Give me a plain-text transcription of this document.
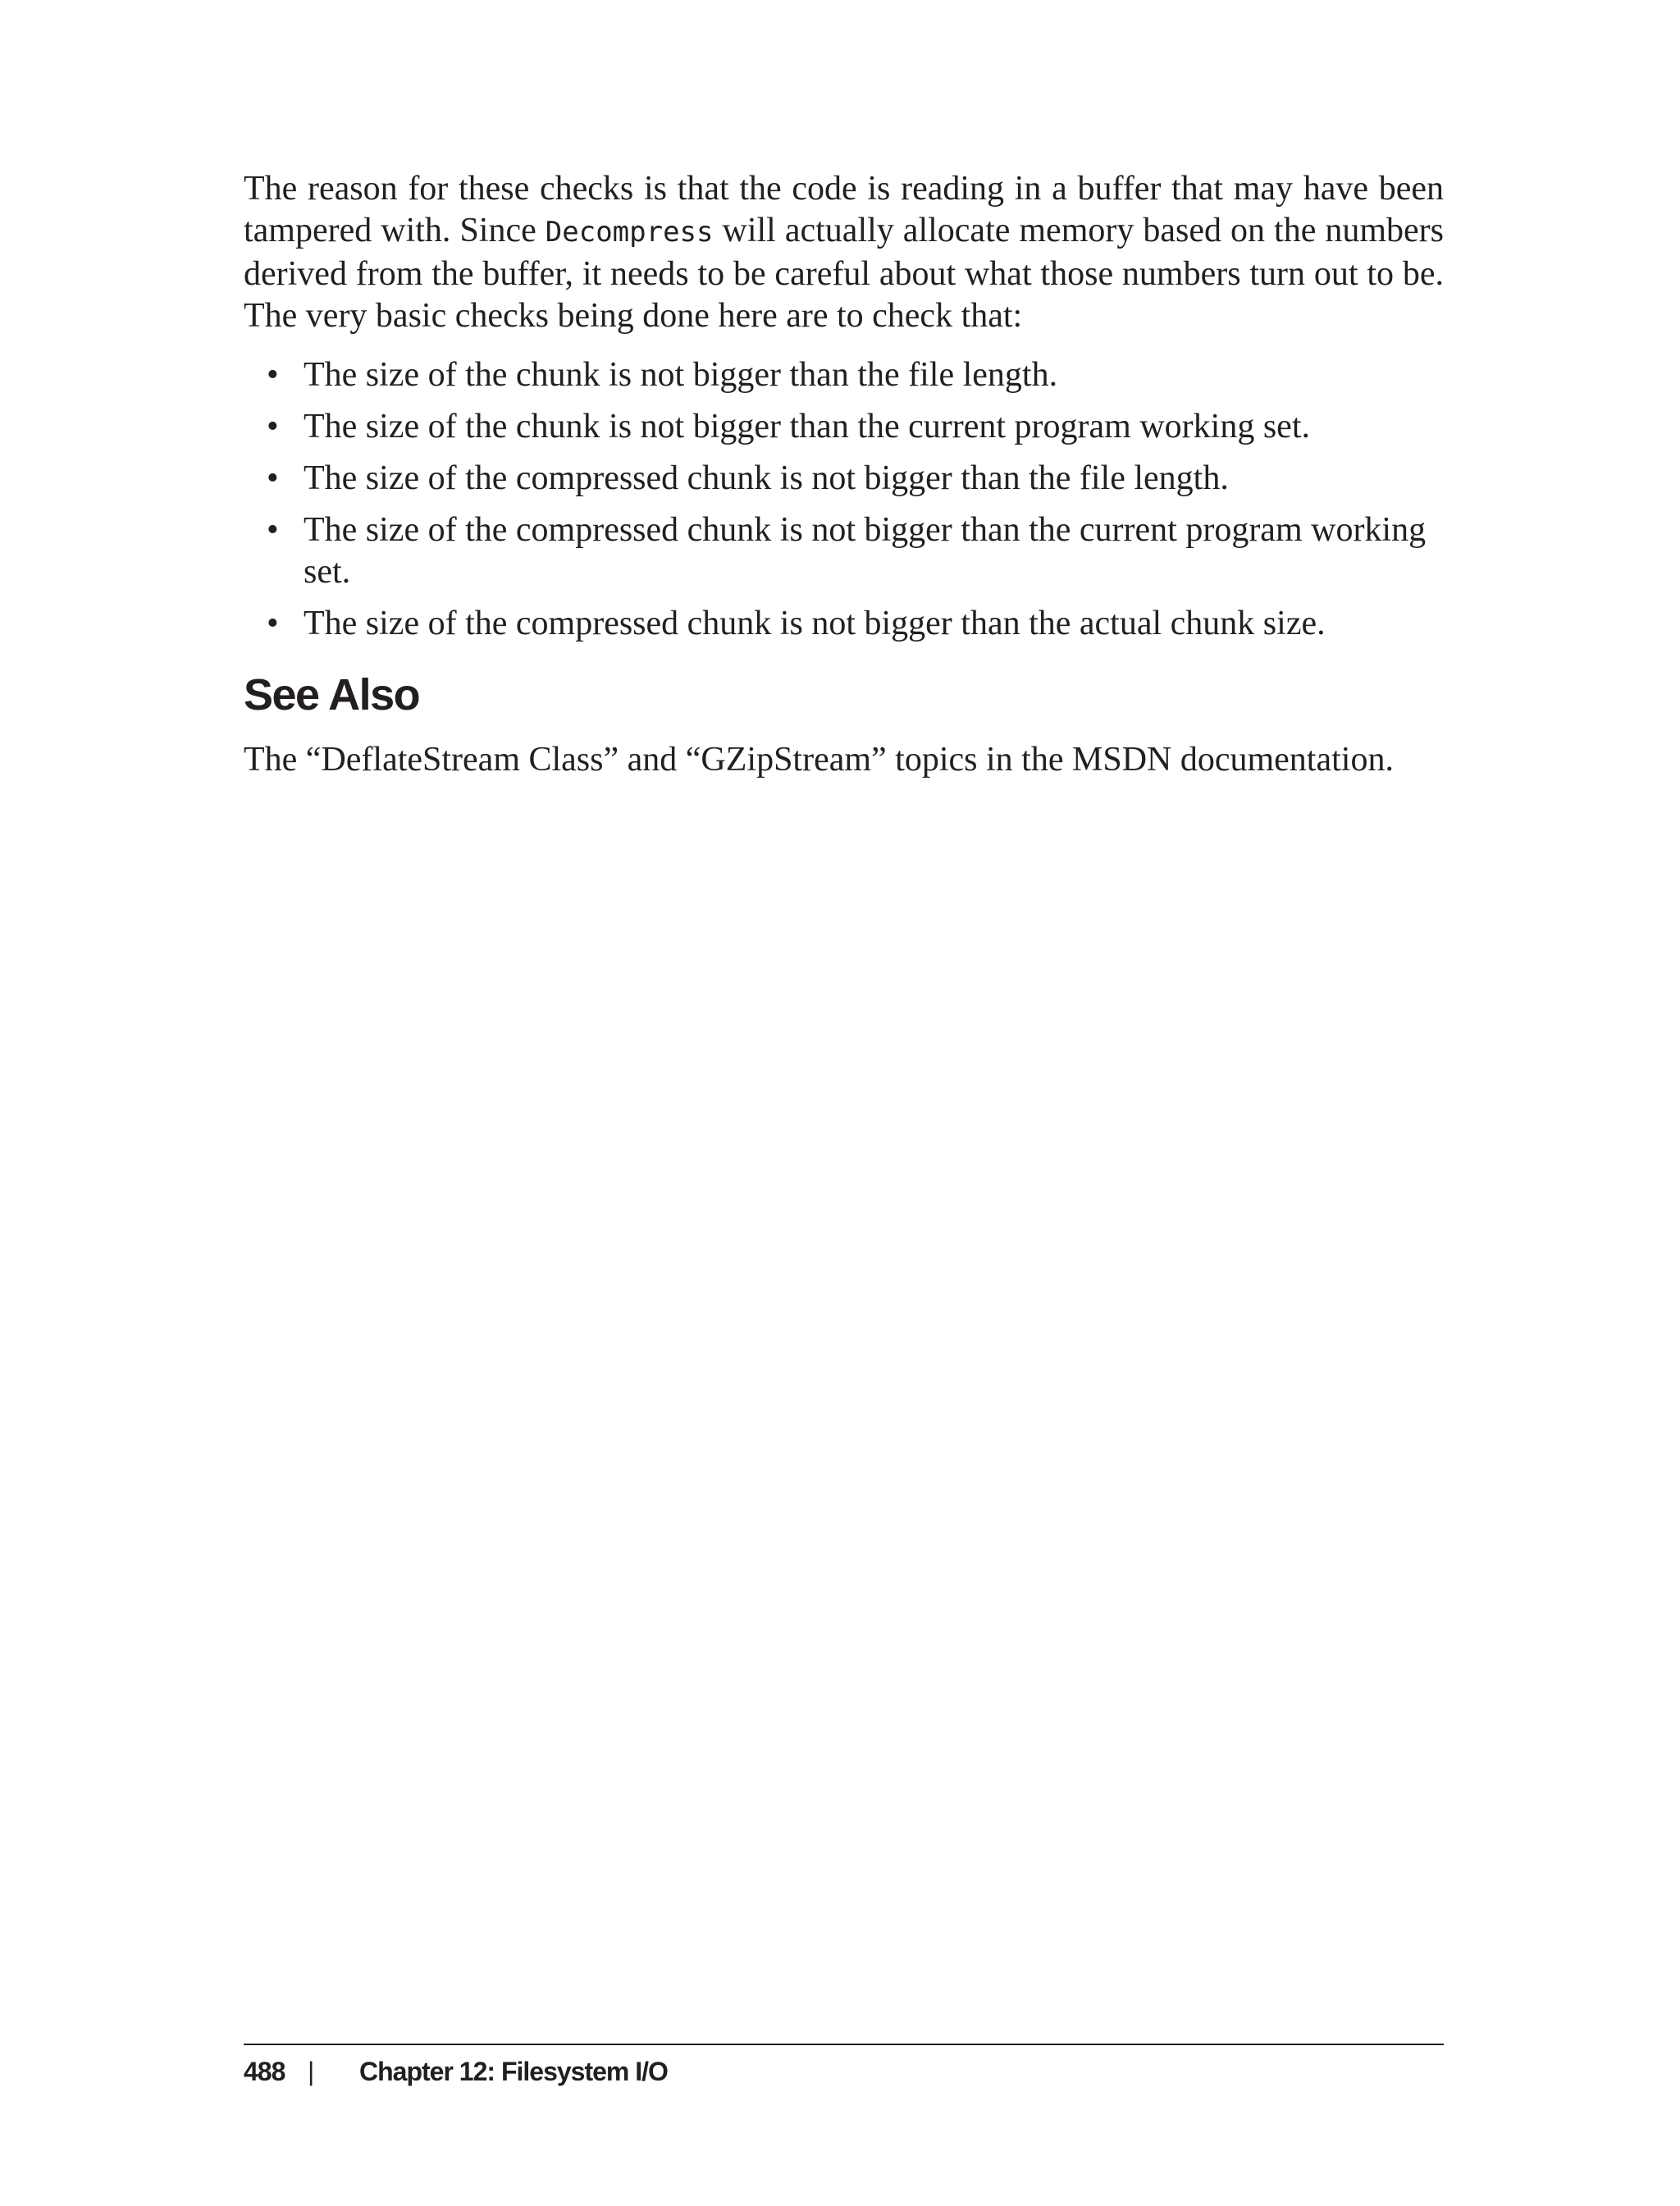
The reason for these checks is that the code is reading in a buffer that may have been tampered with. Since Decompress will actually allocate memory based on the numbers derived from the buffer, it needs to be careful about what those numbers turn out to be. The very basic checks being done here are to check that:

• The size of the chunk is not bigger than the file length.
• The size of the chunk is not bigger than the current program working set.
• The size of the compressed chunk is not bigger than the file length.
• The size of the compressed chunk is not bigger than the current program working set.
• The size of the compressed chunk is not bigger than the actual chunk size.
See Also

The “DeflateStream Class” and “GZipStream” topics in the MSDN documentation.

488 | Chapter 12: Filesystem I/O
